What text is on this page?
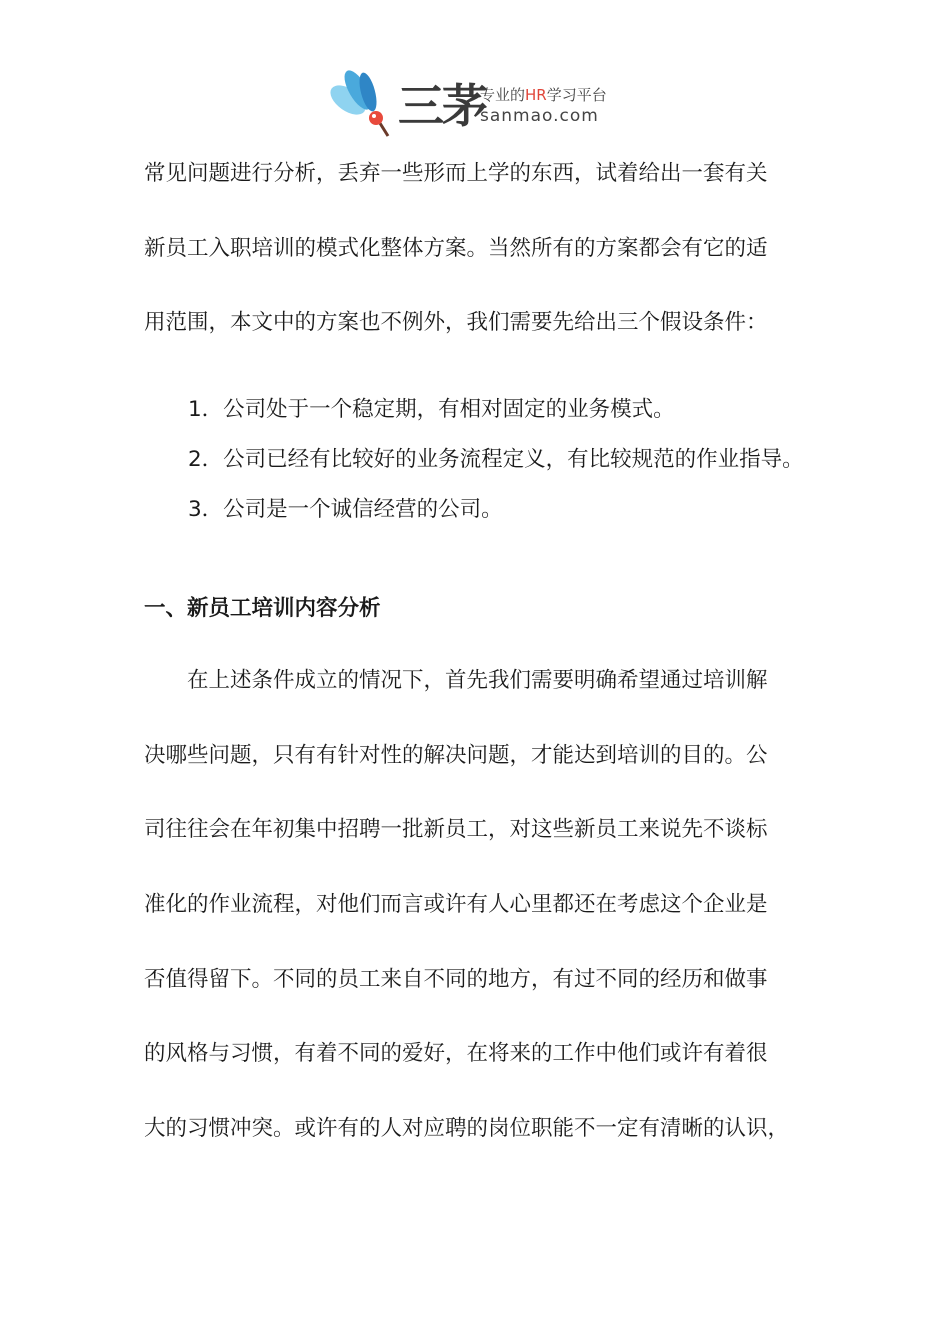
三茅
专业的HR学习平台
sanmao.com
常见问题进行分析，丢弃一些形而上学的东西，试着给出一套有关
新员工入职培训的模式化整体方案。当然所有的方案都会有它的适
用范围，本文中的方案也不例外，我们需要先给出三个假设条件：
1．公司处于一个稳定期，有相对固定的业务模式。
2．公司已经有比较好的业务流程定义，有比较规范的作业指导。
3．公司是一个诚信经营的公司。
一、新员工培训内容分析
　　在上述条件成立的情况下，首先我们需要明确希望通过培训解
决哪些问题，只有有针对性的解决问题，才能达到培训的目的。公
司往往会在年初集中招聘一批新员工，对这些新员工来说先不谈标
准化的作业流程，对他们而言或许有人心里都还在考虑这个企业是
否值得留下。不同的员工来自不同的地方，有过不同的经历和做事
的风格与习惯，有着不同的爱好，在将来的工作中他们或许有着很
大的习惯冲突。或许有的人对应聘的岗位职能不一定有清晰的认识，
